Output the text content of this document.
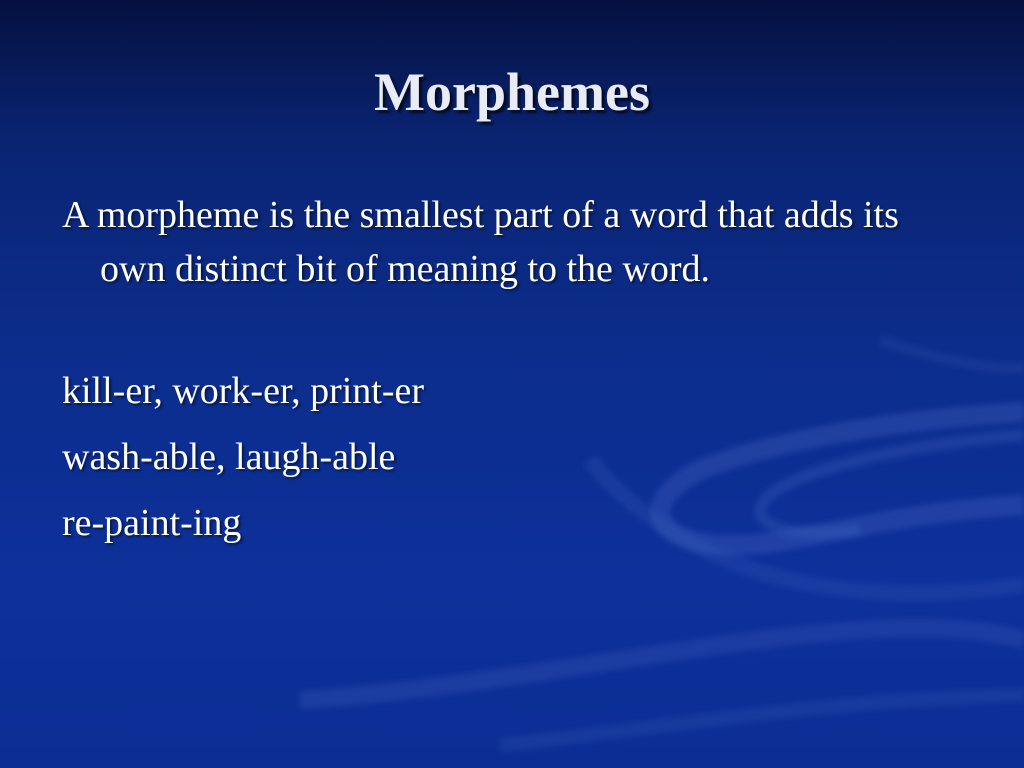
Morphemes

A morpheme is the smallest part of a word that adds its own distinct bit of meaning to the word.

kill-er, work-er, print-er

wash-able, laugh-able

re-paint-ing
